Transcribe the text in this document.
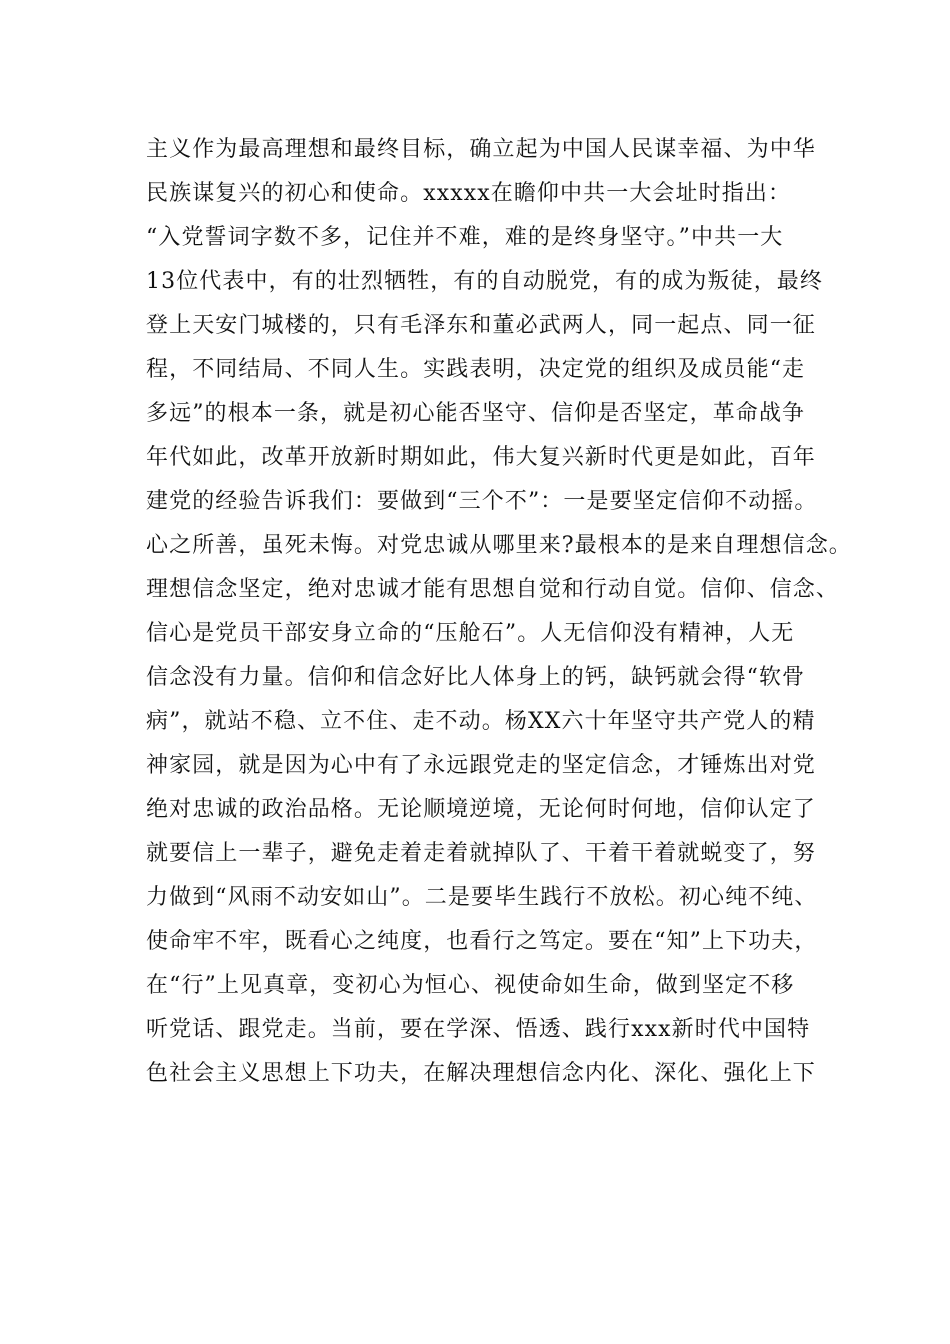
主义作为最高理想和最终目标，确立起为中国人民谋幸福、为中华
民族谋复兴的初心和使命。xxxxx在瞻仰中共一大会址时指出：
“入党誓词字数不多，记住并不难，难的是终身坚守。”中共一大
13位代表中，有的壮烈牺牲，有的自动脱党，有的成为叛徒，最终
登上天安门城楼的，只有毛泽东和董必武两人，同一起点、同一征
程，不同结局、不同人生。实践表明，决定党的组织及成员能“走
多远”的根本一条，就是初心能否坚守、信仰是否坚定，革命战争
年代如此，改革开放新时期如此，伟大复兴新时代更是如此，百年
建党的经验告诉我们：要做到“三个不”：一是要坚定信仰不动摇。
心之所善，虽死未悔。对党忠诚从哪里来?最根本的是来自理想信念。
理想信念坚定，绝对忠诚才能有思想自觉和行动自觉。信仰、信念、
信心是党员干部安身立命的“压舱石”。人无信仰没有精神，人无
信念没有力量。信仰和信念好比人体身上的钙，缺钙就会得“软骨
病”，就站不稳、立不住、走不动。杨XX六十年坚守共产党人的精
神家园，就是因为心中有了永远跟党走的坚定信念，才锤炼出对党
绝对忠诚的政治品格。无论顺境逆境，无论何时何地，信仰认定了
就要信上一辈子，避免走着走着就掉队了、干着干着就蜕变了，努
力做到“风雨不动安如山”。二是要毕生践行不放松。初心纯不纯、
使命牢不牢，既看心之纯度，也看行之笃定。要在“知”上下功夫，
在“行”上见真章，变初心为恒心、视使命如生命，做到坚定不移
听党话、跟党走。当前，要在学深、悟透、践行xxx新时代中国特
色社会主义思想上下功夫，在解决理想信念内化、深化、强化上下
